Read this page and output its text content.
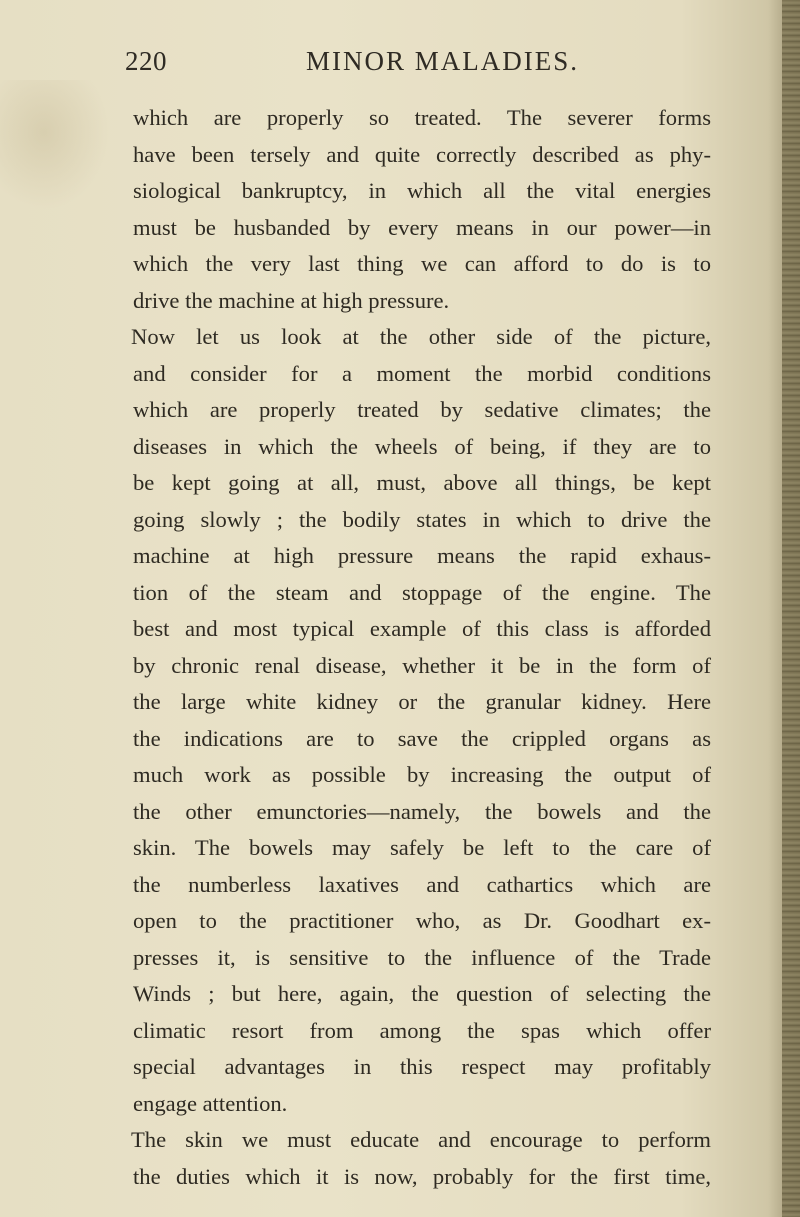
220	MINOR MALADIES.
which are properly so treated. The severer forms
have been tersely and quite correctly described as phy-
siological bankruptcy, in which all the vital energies
must be husbanded by every means in our power—in
which the very last thing we can afford to do is to
drive the machine at high pressure.
Now let us look at the other side of the picture,
and consider for a moment the morbid conditions
which are properly treated by sedative climates; the
diseases in which the wheels of being, if they are to
be kept going at all, must, above all things, be kept
going slowly ; the bodily states in which to drive the
machine at high pressure means the rapid exhaus-
tion of the steam and stoppage of the engine. The
best and most typical example of this class is afforded
by chronic renal disease, whether it be in the form of
the large white kidney or the granular kidney. Here
the indications are to save the crippled organs as
much work as possible by increasing the output of
the other emunctories—namely, the bowels and the
skin. The bowels may safely be left to the care of
the numberless laxatives and cathartics which are
open to the practitioner who, as Dr. Goodhart ex-
presses it, is sensitive to the influence of the Trade
Winds ; but here, again, the question of selecting the
climatic resort from among the spas which offer
special advantages in this respect may profitably
engage attention.
The skin we must educate and encourage to perform
the duties which it is now, probably for the first time,
